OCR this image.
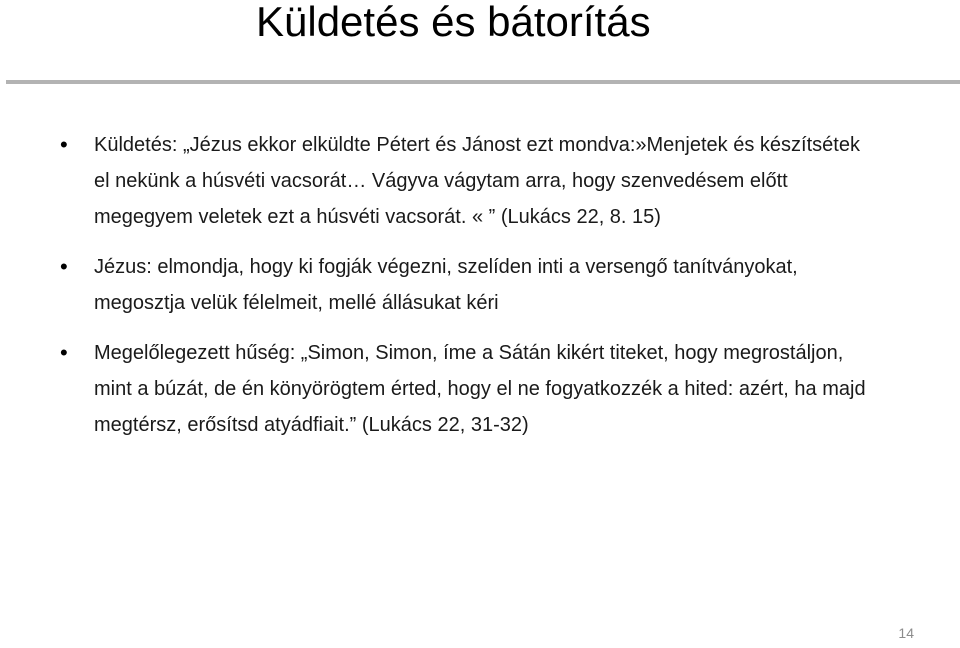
Küldetés és bátorítás
• Küldetés: „Jézus ekkor elküldte Pétert és Jánost ezt mondva:»Menjetek és készítsétek el nekünk a húsvéti vacsorát… Vágyva vágytam arra, hogy szenvedésem előtt megegyem veletek ezt a húsvéti vacsorát. « ” (Lukács 22, 8. 15)
• Jézus: elmondja, hogy ki fogják végezni, szelíden inti a versengő tanítványokat, megosztja velük félelmeit, mellé állásukat kéri
• Megelőlegezett hűség: „Simon, Simon, íme a Sátán kikért titeket, hogy megrostáljon, mint a búzát, de én könyörögtem érted, hogy el ne fogyatkozzék a hited: azért, ha majd megtérsz, erősítsd atyádfiait.” (Lukács 22, 31-32)
14
